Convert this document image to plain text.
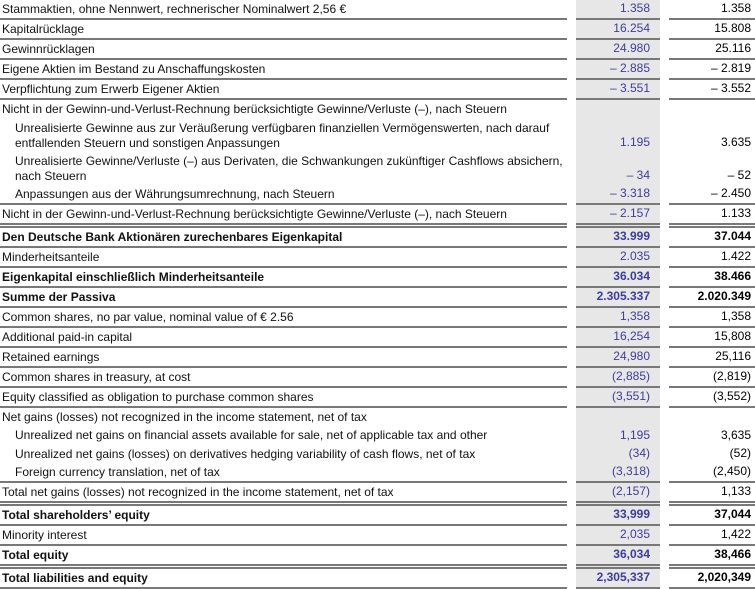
Stammaktien, ohne Nennwert, rechnerischer Nominalwert 2,56 €	1.358	1.358
Kapitalrücklage	16.254	15.808
Gewinnrücklagen	24.980	25.116
Eigene Aktien im Bestand zu Anschaffungskosten	– 2.885	– 2.819
Verpflichtung zum Erwerb Eigener Aktien	– 3.551	– 3.552
Nicht in der Gewinn-und-Verlust-Rechnung berücksichtigte Gewinne/Verluste (–), nach Steuern
Unrealisierte Gewinne aus zur Veräußerung verfügbaren finanziellen Vermögenswerten, nach darauf entfallenden Steuern und sonstigen Anpassungen	1.195	3.635
Unrealisierte Gewinne/Verluste (–) aus Derivaten, die Schwankungen zukünftiger Cashflows absichern, nach Steuern	– 34	– 52
Anpassungen aus der Währungsumrechnung, nach Steuern	– 3.318	– 2.450
Nicht in der Gewinn-und-Verlust-Rechnung berücksichtigte Gewinne/Verluste (–), nach Steuern	– 2.157	1.133
Den Deutsche Bank Aktionären zurechenbares Eigenkapital	33.999	37.044
Minderheitsanteile	2.035	1.422
Eigenkapital einschließlich Minderheitsanteile	36.034	38.466
Summe der Passiva	2.305.337	2.020.349
Common shares, no par value, nominal value of € 2.56	1,358	1,358
Additional paid-in capital	16,254	15,808
Retained earnings	24,980	25,116
Common shares in treasury, at cost	(2,885)	(2,819)
Equity classified as obligation to purchase common shares	(3,551)	(3,552)
Net gains (losses) not recognized in the income statement, net of tax
Unrealized net gains on financial assets available for sale, net of applicable tax and other	1,195	3,635
Unrealized net gains (losses) on derivatives hedging variability of cash flows, net of tax	(34)	(52)
Foreign currency translation, net of tax	(3,318)	(2,450)
Total net gains (losses) not recognized in the income statement, net of tax	(2,157)	1,133
Total shareholders’ equity	33,999	37,044
Minority interest	2,035	1,422
Total equity	36,034	38,466
Total liabilities and equity	2,305,337	2,020,349
